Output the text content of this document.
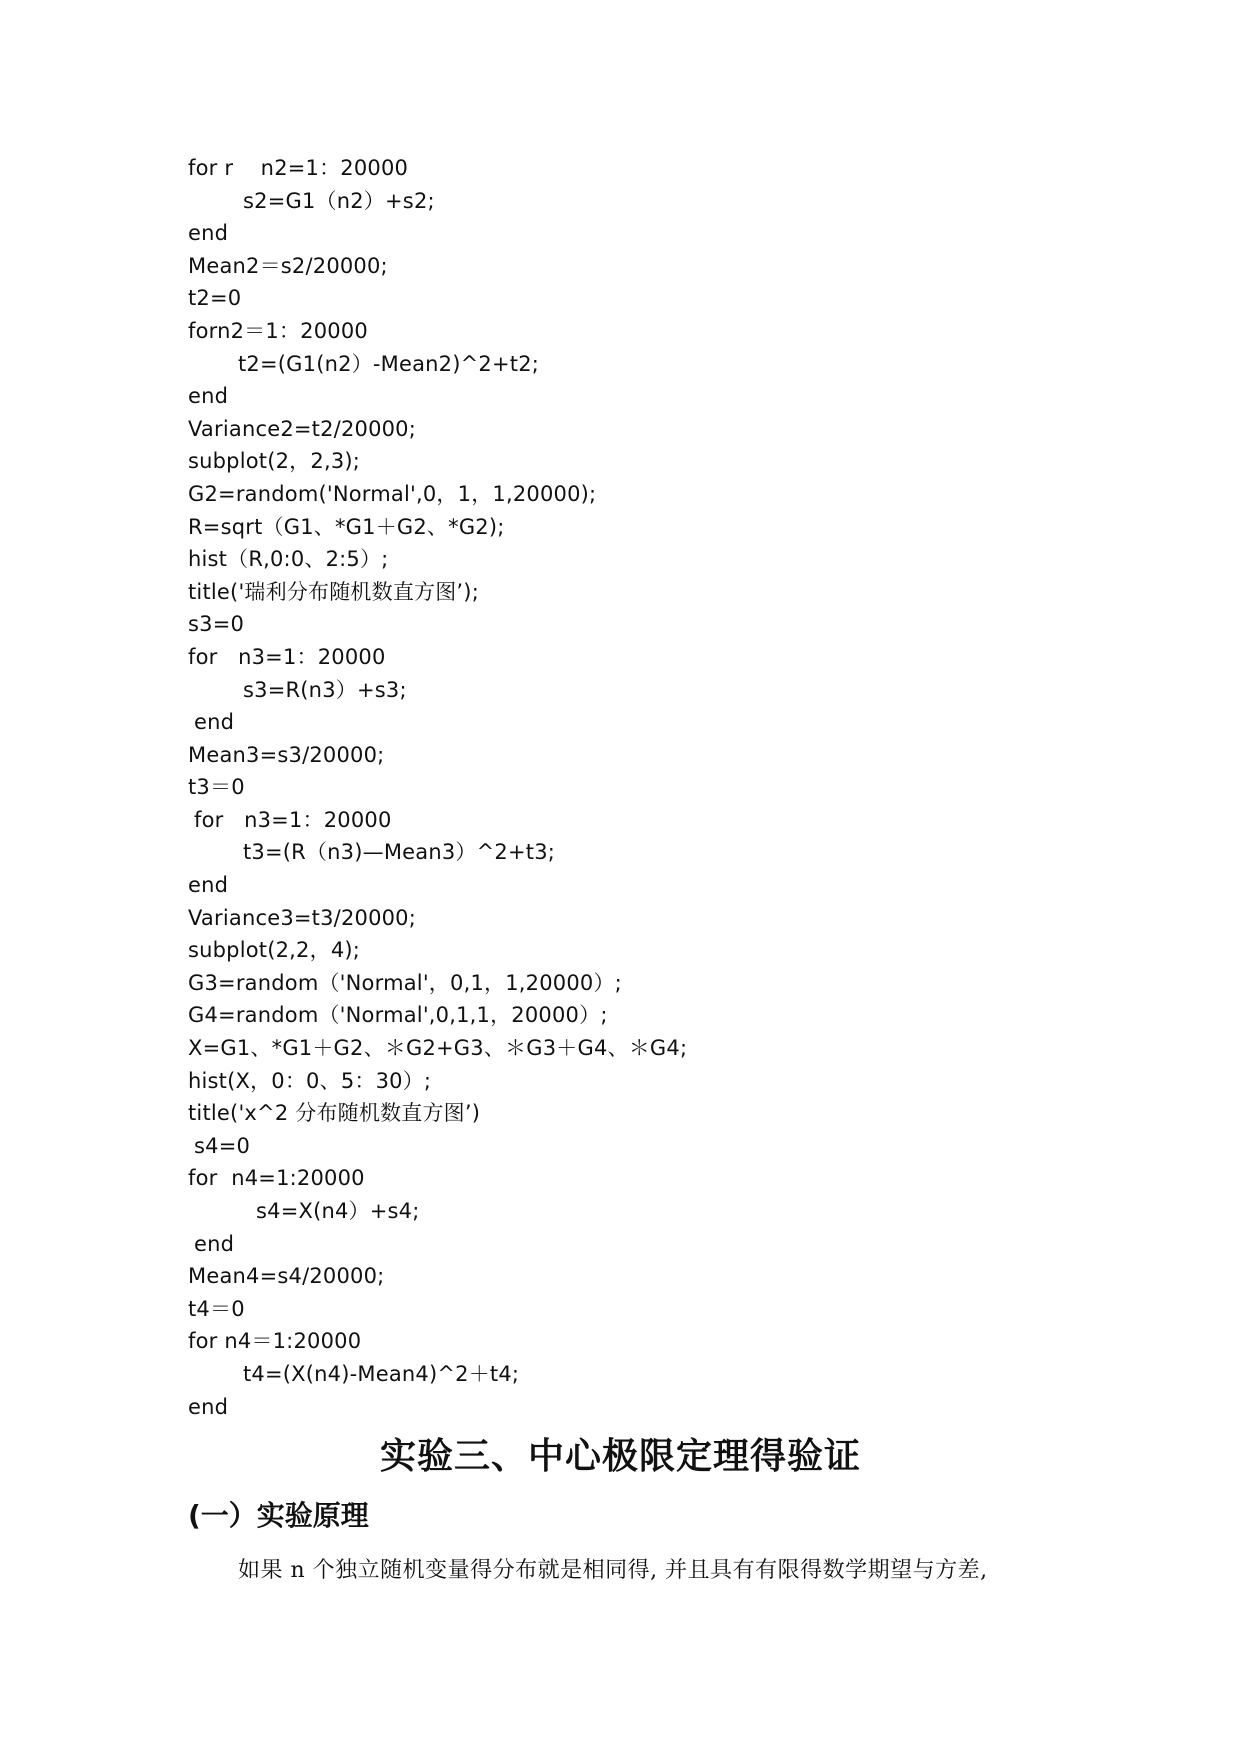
for r    n2=1：20000
s2=G1（n2）+s2;
end
Mean2＝s2/20000;
t2=0
forn2＝1：20000
t2=(G1(n2）-Mean2)^2+t2;
end
Variance2=t2/20000;
subplot(2，2,3);
G2=random('Normal',0，1，1,20000);
R=sqrt（G1、*G1＋G2、*G2);
hist（R,0:0、2:5）;
title('瑞利分布随机数直方图’);
s3=0
for   n3=1：20000
s3=R(n3）+s3;
end
Mean3=s3/20000;
t3＝0
for   n3=1：20000
t3=(R（n3)—Mean3）^2+t3;
end
Variance3=t3/20000;
subplot(2,2，4);
G3=random（'Normal'，0,1，1,20000）;
G4=random（'Normal',0,1,1，20000）;
X=G1、*G1＋G2、＊G2+G3、＊G3＋G4、＊G4;
hist(X，0：0、5：30）;
title('x^2 分布随机数直方图’)
s4=0
for  n4=1:20000
s4=X(n4）+s4;
end
Mean4=s4/20000;
t4＝0
for n4＝1:20000
t4=(X(n4)-Mean4)^2＋t4;
end
实验三、中心极限定理得验证
(一）实验原理

如果 n 个独立随机变量得分布就是相同得, 并且具有有限得数学期望与方差,
